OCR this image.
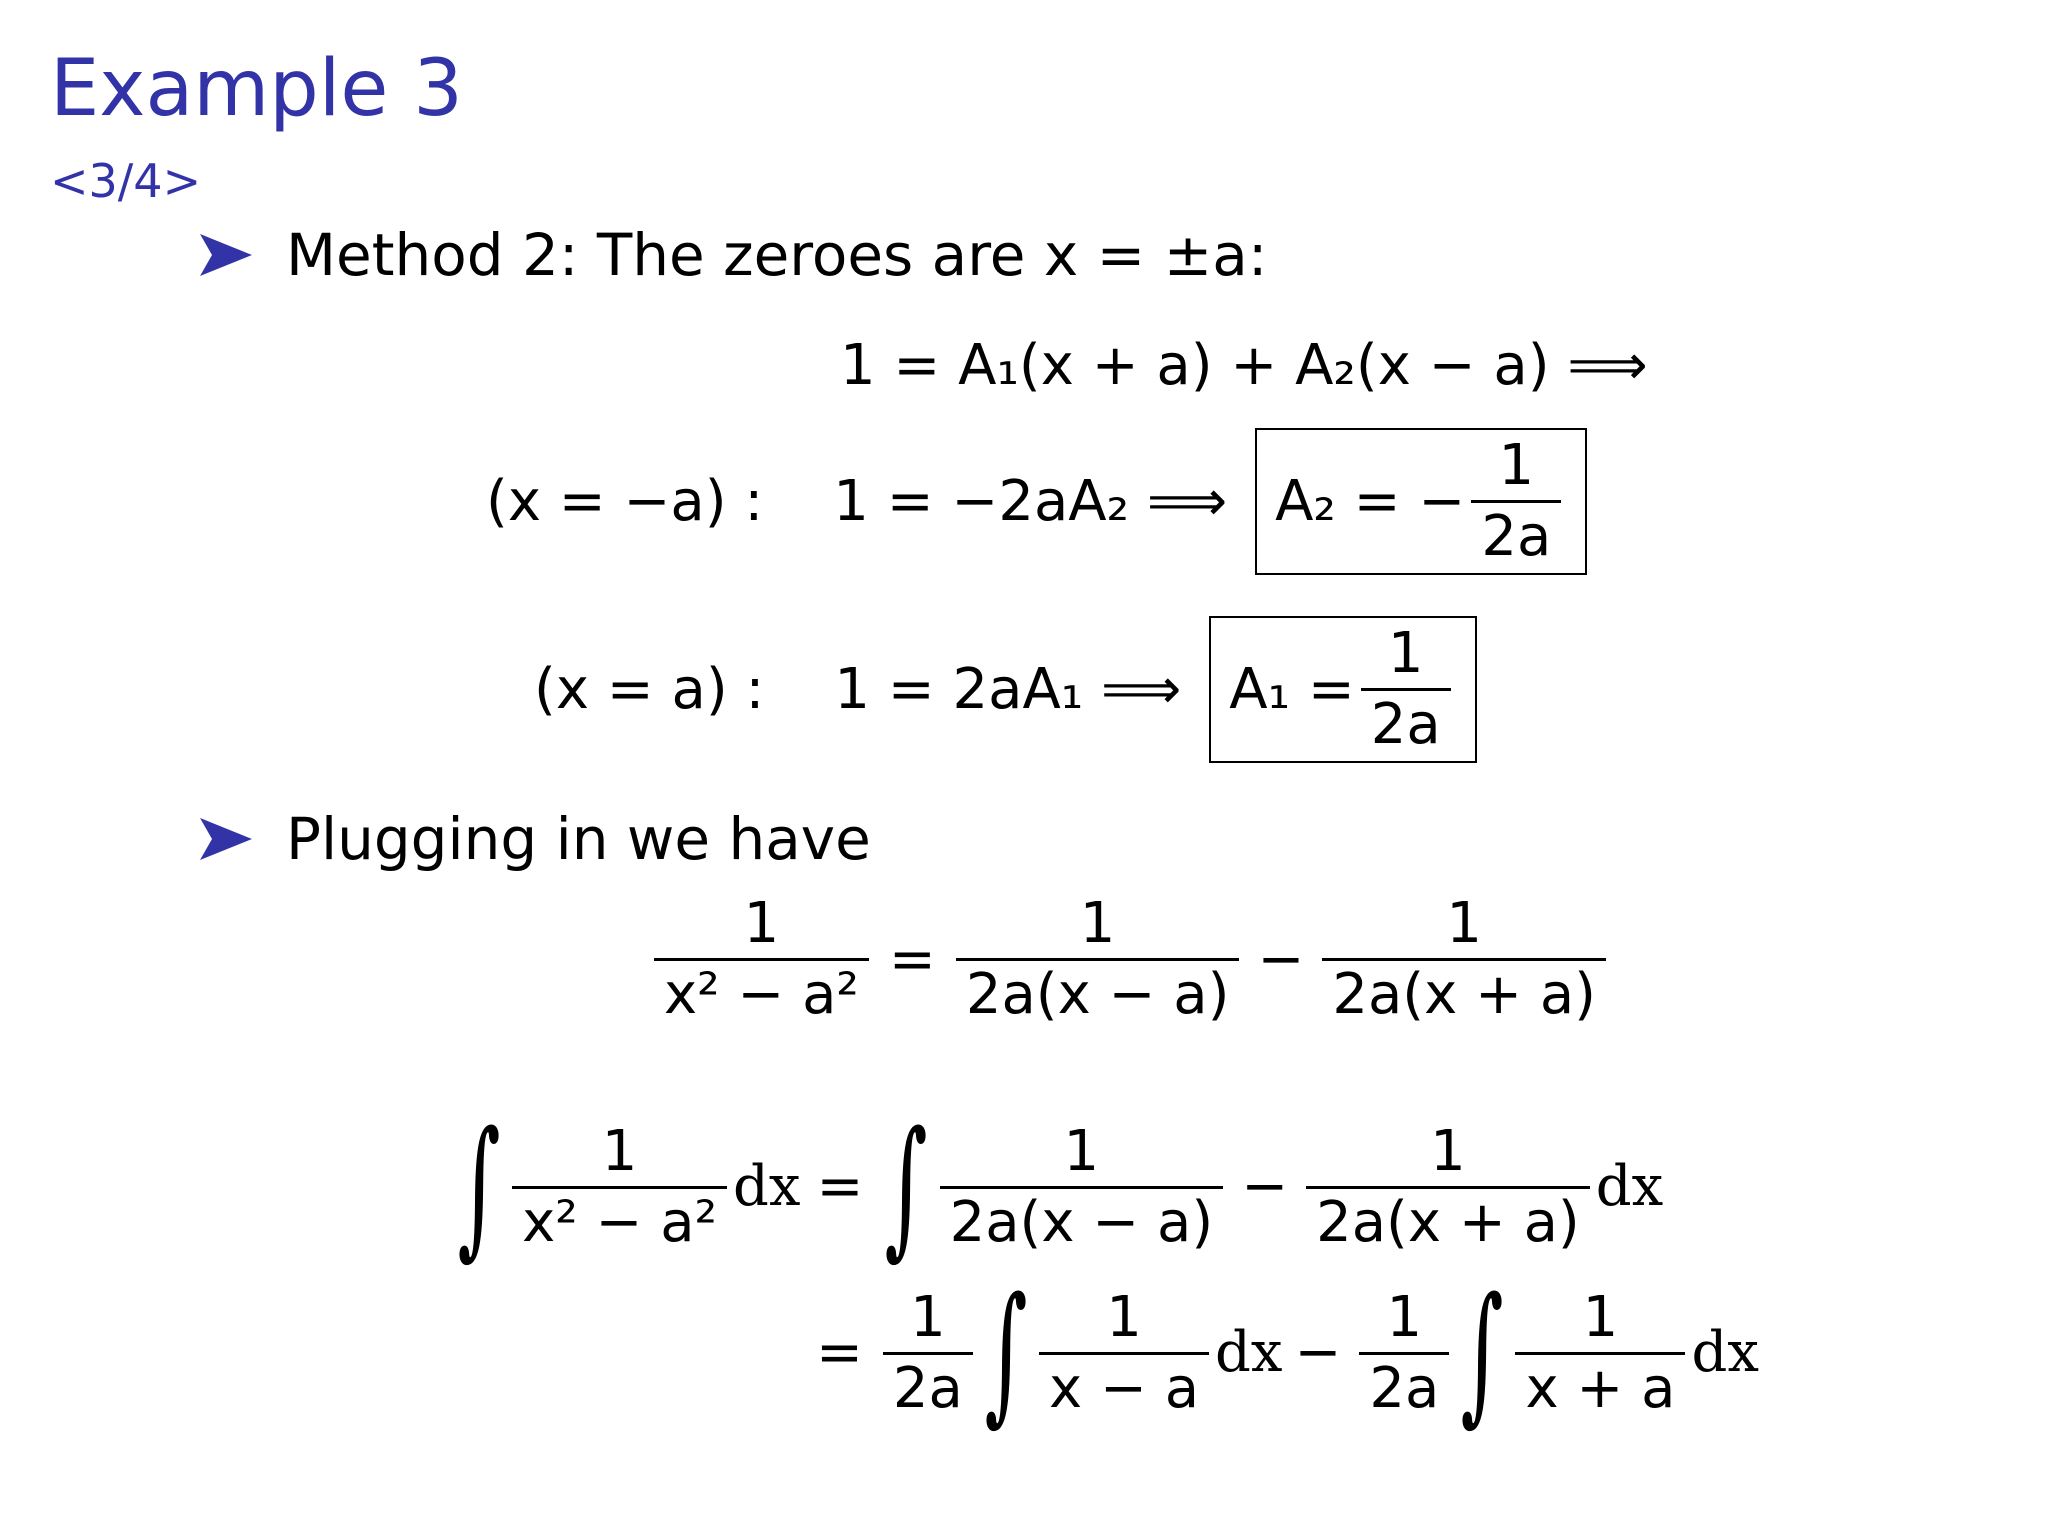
Example 3
<3/4>
Method 2: The zeroes are x = ±a:
1 = A₁(x + a) + A₂(x − a) ⟹
(x = −a) : 1 = −2aA₂ ⟹ A₂ = − $\frac{1}{2a}$
(x = a) : 1 = 2aA₁ ⟹ $A_1 = \frac{1}{2a}$
Plugging in we have
$\frac{1}{\text{x² − a²}} = \frac{1}{2a(x - a)} - \frac{1}{2a(x + a)}$
∫ $\frac{1}{\text{x² − a²}}$ dx = ∫ $\frac{1}{2a(x - a)} - \frac{1}{2a(x + a)}$ dx
= $\frac{1}{2a}$ ∫ $\frac{1}{x - a}$ dx − $\frac{1}{2a}$ ∫ $\frac{1}{x + a}$ dx
